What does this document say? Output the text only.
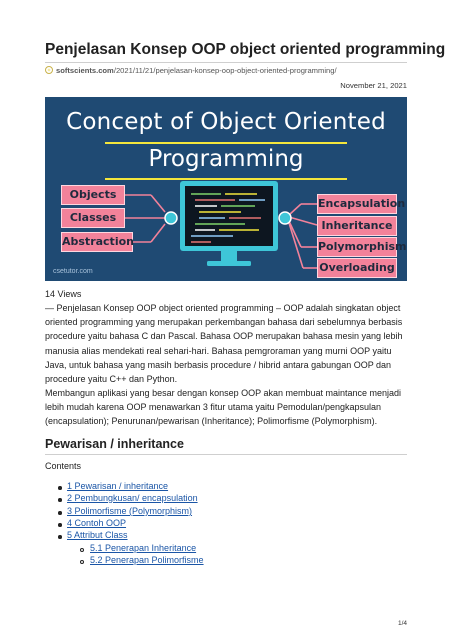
Penjelasan Konsep OOP object oriented programming
softscients.com/2021/11/21/penjelasan-konsep-oop-object-oriented-programming/
November 21, 2021
Concept of Object Oriented
Programming
Objects
Classes
Abstraction
Encapsulation
Inheritance
Polymorphism
Overloading
csetutor.com
14 Views
— Penjelasan Konsep OOP object oriented programming – OOP adalah singkatan object oriented programming yang merupakan perkembangan bahasa dari sebelumnya berbasis procedure yaitu bahasa C dan Pascal. Bahasa OOP merupakan bahasa mesin yang lebih manusia alias mendekati real sehari-hari. Bahasa pemgroraman yang murni OOP yaitu Java, untuk bahasa yang masih berbasis procedure / hibrid antara gabungan OOP dan procedure yaitu C++ dan Python.
Membangun aplikasi yang besar dengan konsep OOP akan membuat maintance menjadi lebih mudah karena OOP menawarkan 3 fitur utama yaitu Pemodulan/pengkapsulan (encapsulation); Penurunan/pewarisan (Inheritance); Polimorfisme (Polymorphism).
Pewarisan / inheritance
Contents
1 Pewarisan / inheritance
2 Pembungkusan/ encapsulation
3 Polimorfisme (Polymorphism)
4 Contoh OOP
5 Attribut Class
5.1 Penerapan Inheritance
5.2 Penerapan Polimorfisme
1/4
